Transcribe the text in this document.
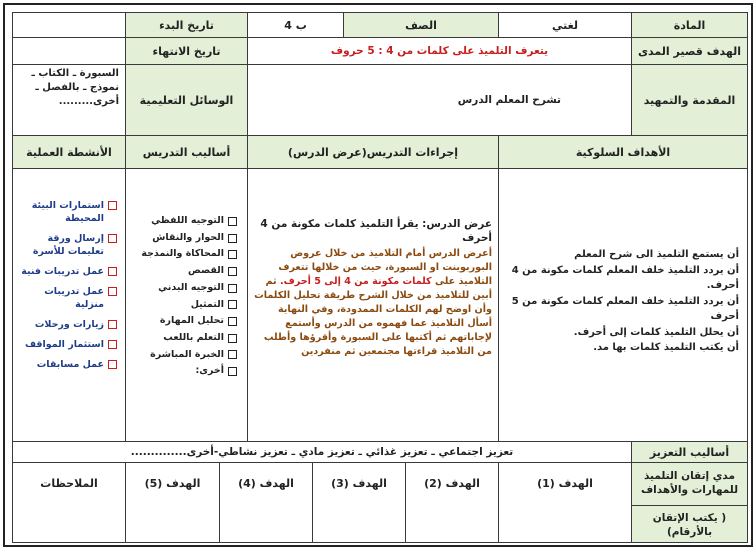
المادة
لغتي
الصف
4 ب
تاريخ البدء
الهدف قصير المدى
يتعرف التلميذ على كلمات من 4 : 5 حروف
تاريخ الانتهاء
المقدمة والتمهيد
تشرح المعلم الدرس
الوسائل التعليمية
السبورة ـ الكتاب ـ
نموذج ـ بالفصل ـ
أخرى.........
الأهداف السلوكية
إجراءات التدريس(عرض الدرس)
أساليب التدريس
الأنشطة العملية
أن يستمع التلميذ الى شرح المعلم
أن يردد التلميذ خلف المعلم كلمات مكونة من 4 أحرف.
أن يردد التلميذ خلف المعلم كلمات مكونة من 5 أحرف
أن يحلل التلميذ كلمات إلى أحرف.
أن يكتب التلميذ كلمات بها مد.
عرض الدرس: يقرأ التلميذ كلمات مكونة من 4 أحرف
أعرض الدرس أمام التلاميذ من خلال عروض البوربوينت او السبورة، حيث من خلالها تتعرف التلاميذ على كلمات مكونة من 4 إلى 5 أحرف. ثم أبين للتلاميذ من خلال الشرح طريقة تحليل الكلمات وأن اوضح لهم الكلمات الممدودة، وفي النهاية أسأل التلاميذ عما فهموه من الدرس وأستمع لإجاباتهم ثم أكتبها على السبورة وأقرؤها وأطلب من التلاميذ قراءتها مجتمعين ثم منفردين
التوجيه اللفظي
الحوار والنقاش
المحاكاة والنمذجة
القصص
التوجيه البدني
التمثيل
تحليل المهارة
التعلم باللعب
الخبرة المباشرة
أخرى:
استمارات البيئة المحيطة
إرسال ورقة تعليمات للأسرة
عمل تدريبات فنية
عمل تدريبات منزلية
زيارات ورحلات
استثمار المواقف
عمل مسابقات
أساليب التعزيز
تعزيز اجتماعي ـ تعزيز غذائي ـ تعزيز مادي ـ تعزيز نشاطي-أخرى..............
مدي إتقان التلميذ
للمهارات والأهداف
( يكتب الإتقان بالأرقام)
الهدف (1)
الهدف (2)
الهدف (3)
الهدف (4)
الهدف (5)
الملاحظات
